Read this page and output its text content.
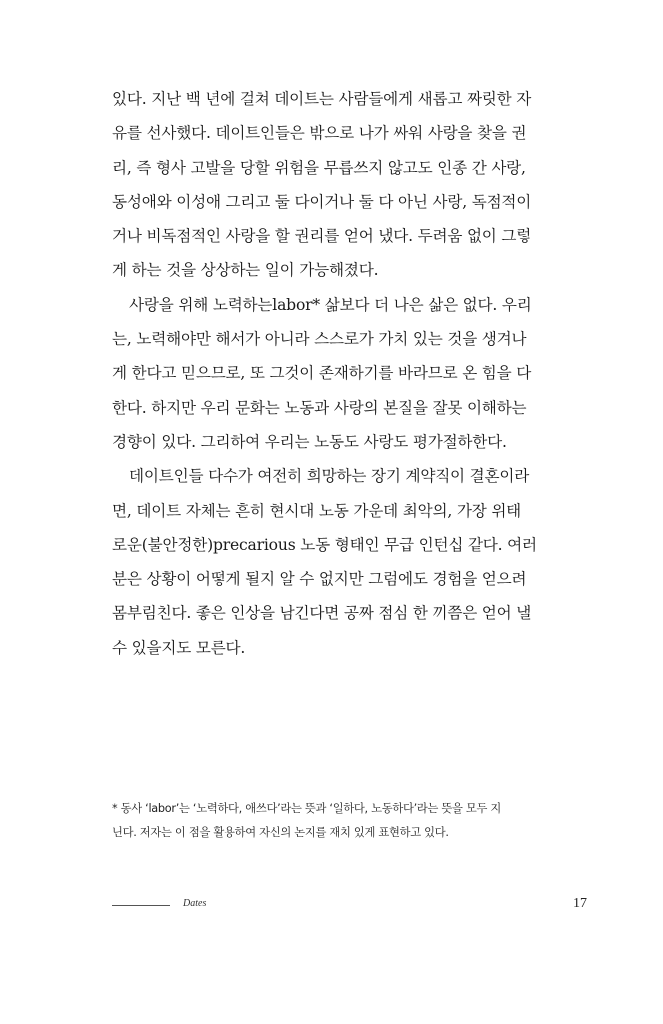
있다. 지난 백 년에 걸쳐 데이트는 사람들에게 새롭고 짜릿한 자
유를 선사했다. 데이트인들은 밖으로 나가 싸워 사랑을 찾을 권
리, 즉 형사 고발을 당할 위험을 무릅쓰지 않고도 인종 간 사랑,
동성애와 이성애 그리고 둘 다이거나 둘 다 아닌 사랑, 독점적이
거나 비독점적인 사랑을 할 권리를 얻어 냈다. 두려움 없이 그렇
게 하는 것을 상상하는 일이 가능해졌다.
사랑을 위해 노력하는labor* 삶보다 더 나은 삶은 없다. 우리
는, 노력해야만 해서가 아니라 스스로가 가치 있는 것을 생겨나
게 한다고 믿으므로, 또 그것이 존재하기를 바라므로 온 힘을 다
한다. 하지만 우리 문화는 노동과 사랑의 본질을 잘못 이해하는
경향이 있다. 그리하여 우리는 노동도 사랑도 평가절하한다.
데이트인들 다수가 여전히 희망하는 장기 계약직이 결혼이라
면, 데이트 자체는 흔히 현시대 노동 가운데 최악의, 가장 위태
로운(불안정한)precarious 노동 형태인 무급 인턴십 같다. 여러
분은 상황이 어떻게 될지 알 수 없지만 그럼에도 경험을 얻으려
몸부림친다. 좋은 인상을 남긴다면 공짜 점심 한 끼쯤은 얻어 낼
수 있을지도 모른다.
* 동사 ‘labor’는 ‘노력하다, 애쓰다’라는 뜻과 ‘일하다, 노동하다’라는 뜻을 모두 지
닌다. 저자는 이 점을 활용하여 자신의 논지를 재치 있게 표현하고 있다.
Dates	17
